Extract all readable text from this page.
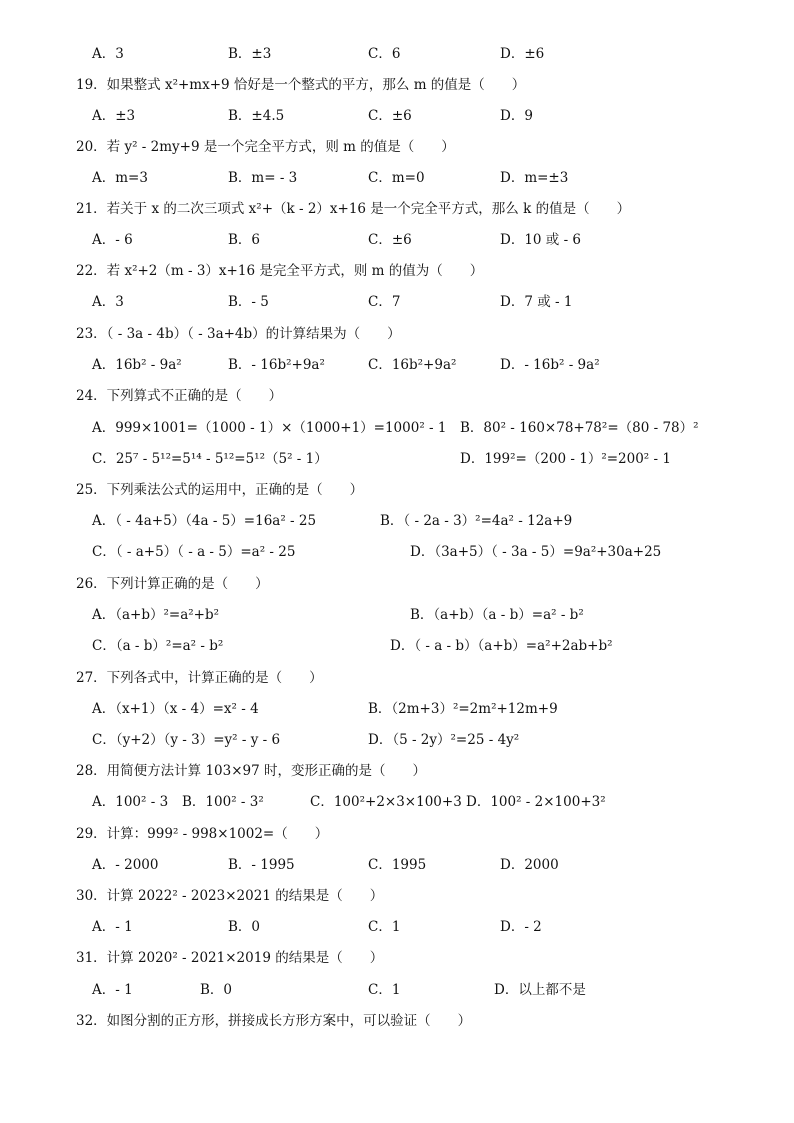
A．3	B．±3	C．6	D．±6
19．如果整式 x²+mx+9 恰好是一个整式的平方，那么 m 的值是（　　）
A．±3	B．±4.5	C．±6	D．9
20．若 y² - 2my+9 是一个完全平方式，则 m 的值是（　　）
A．m=3	B．m= - 3	C．m=0	D．m=±3
21．若关于 x 的二次三项式 x²+（k - 2）x+16 是一个完全平方式，那么 k 的值是（　　）
A．- 6	B．6	C．±6	D．10 或 - 6
22．若 x²+2（m - 3）x+16 是完全平方式，则 m 的值为（　　）
A．3	B．- 5	C．7	D．7 或 - 1
23．（ - 3a - 4b）（ - 3a+4b）的计算结果为（　　）
A．16b² - 9a²	B．- 16b²+9a²	C．16b²+9a²	D．- 16b² - 9a²
24．下列算式不正确的是（　　）
A．999×1001=（1000 - 1）×（1000+1）=1000² - 1 B．80² - 160×78+78²=（80 - 78）²
C．25⁷ - 5¹²=5¹⁴ - 5¹²=5¹²（5² - 1）	D．199²=（200 - 1）²=200² - 1
25．下列乘法公式的运用中，正确的是（　　）
A．（ - 4a+5）（4a - 5）=16a² - 25	B．（ - 2a - 3）²=4a² - 12a+9
C．（ - a+5）（ - a - 5）=a² - 25	D．（3a+5）（ - 3a - 5）=9a²+30a+25
26．下列计算正确的是（　　）
A．（a+b）²=a²+b²	B．（a+b）（a - b）=a² - b²
C．（a - b）²=a² - b²	D．（ - a - b）（a+b）=a²+2ab+b²
27．下列各式中，计算正确的是（　　）
A．（x+1）（x - 4）=x² - 4	B．（2m+3）²=2m²+12m+9
C．（y+2）（y - 3）=y² - y - 6	D．（5 - 2y）²=25 - 4y²
28．用简便方法计算 103×97 时，变形正确的是（　　）
A．100² - 3 B．100² - 3²	C．100²+2×3×100+3 D．100² - 2×100+3²
29．计算：999² - 998×1002=（　　）
A．- 2000	B．- 1995	C．1995	D．2000
30．计算 2022² - 2023×2021 的结果是（　　）
A．- 1	B．0	C．1	D．- 2
31．计算 2020² - 2021×2019 的结果是（　　）
A．- 1	B．0	C．1	D．以上都不是
32．如图分割的正方形，拼接成长方形方案中，可以验证（　　）
